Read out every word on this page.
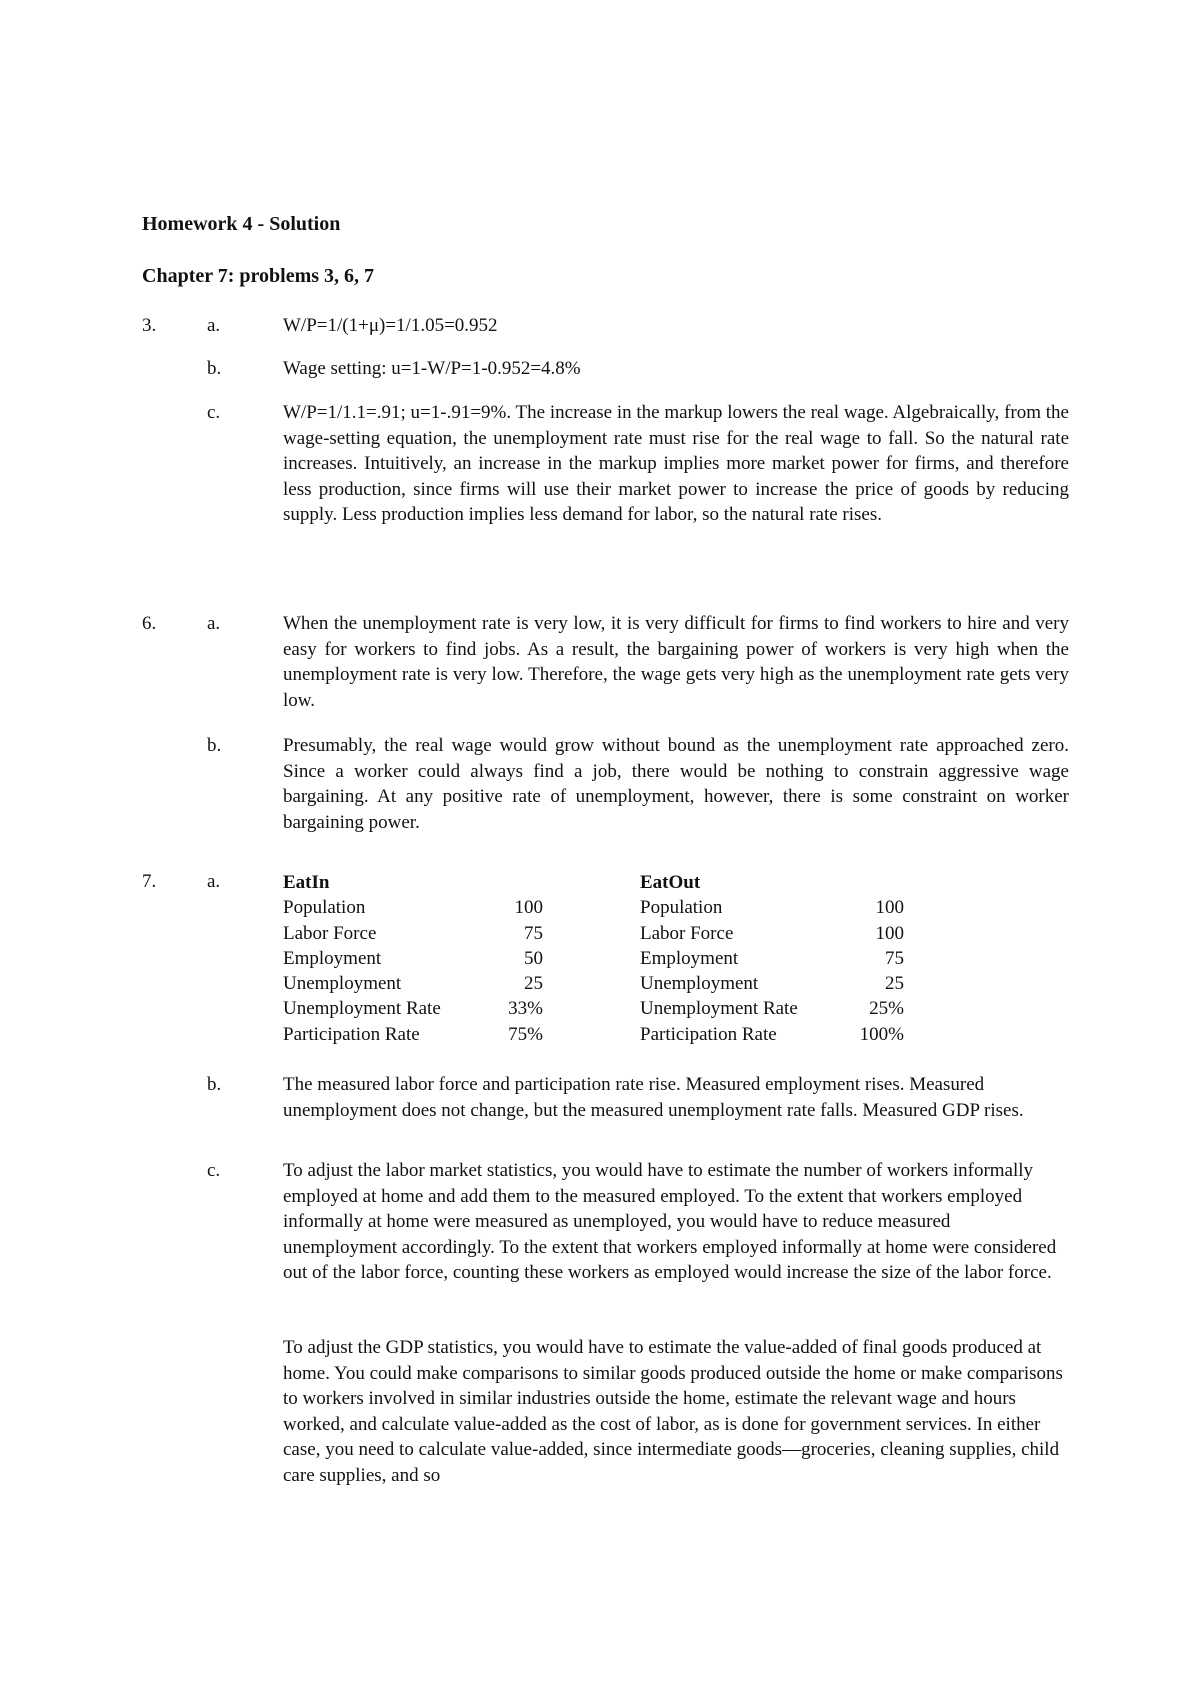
Homework 4 - Solution
Chapter 7: problems 3, 6, 7
3.	a.	W/P=1/(1+μ)=1/1.05=0.952
b.	Wage setting: u=1-W/P=1-0.952=4.8%
c.	W/P=1/1.1=.91; u=1-.91=9%. The increase in the markup lowers the real wage. Algebraically, from the wage-setting equation, the unemployment rate must rise for the real wage to fall. So the natural rate increases. Intuitively, an increase in the markup implies more market power for firms, and therefore less production, since firms will use their market power to increase the price of goods by reducing supply. Less production implies less demand for labor, so the natural rate rises.
6.	a.	When the unemployment rate is very low, it is very difficult for firms to find workers to hire and very easy for workers to find jobs. As a result, the bargaining power of workers is very high when the unemployment rate is very low. Therefore, the wage gets very high as the unemployment rate gets very low.
b.	Presumably, the real wage would grow without bound as the unemployment rate approached zero. Since a worker could always find a job, there would be nothing to constrain aggressive wage bargaining. At any positive rate of unemployment, however, there is some constraint on worker bargaining power.
7.	a.	EatIn
Population	100
Labor Force	75
Employment	50
Unemployment	25
Unemployment Rate	33%
Participation Rate	75%
EatOut
Population	100
Labor Force	100
Employment	75
Unemployment	25
Unemployment Rate	25%
Participation Rate	100%
b.	The measured labor force and participation rate rise. Measured employment rises. Measured unemployment does not change, but the measured unemployment rate falls. Measured GDP rises.
c.	To adjust the labor market statistics, you would have to estimate the number of workers informally employed at home and add them to the measured employed. To the extent that workers employed informally at home were measured as unemployed, you would have to reduce measured unemployment accordingly. To the extent that workers employed informally at home were considered out of the labor force, counting these workers as employed would increase the size of the labor force.
To adjust the GDP statistics, you would have to estimate the value-added of final goods produced at home. You could make comparisons to similar goods produced outside the home or make comparisons to workers involved in similar industries outside the home, estimate the relevant wage and hours worked, and calculate value-added as the cost of labor, as is done for government services. In either case, you need to calculate value-added, since intermediate goods—groceries, cleaning supplies, child care supplies, and so
